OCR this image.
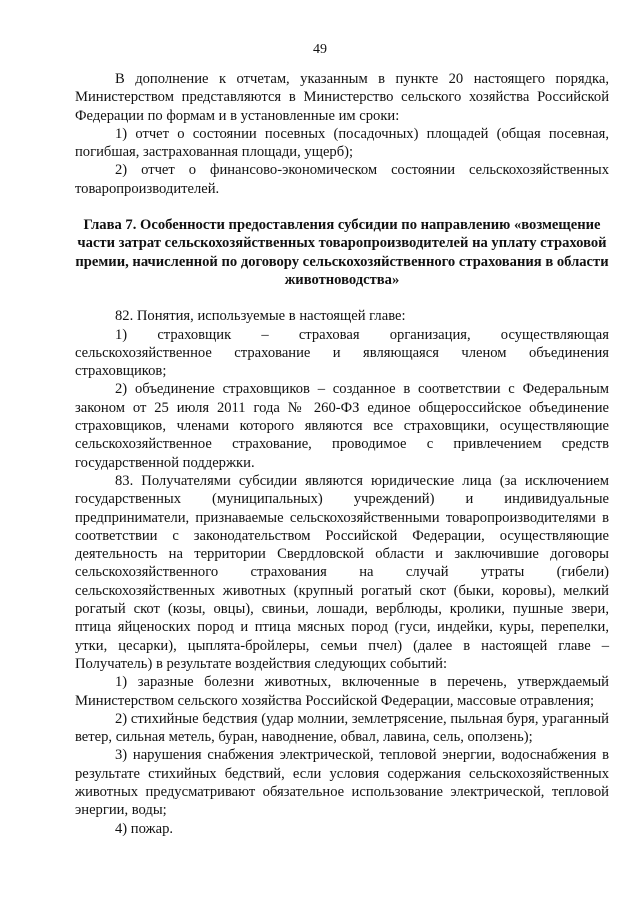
49

В дополнение к отчетам, указанным в пункте 20 настоящего порядка, Министерством представляются в Министерство сельского хозяйства Российской Федерации по формам и в установленные им сроки:

1) отчет о состоянии посевных (посадочных) площадей (общая посевная, погибшая, застрахованная площади, ущерб);

2) отчет о финансово-экономическом состоянии сельскохозяйственных товаропроизводителей.

Глава 7. Особенности предоставления субсидии по направлению «возмещение части затрат сельскохозяйственных товаропроизводителей на уплату страховой премии, начисленной по договору сельскохозяйственного страхования в области животноводства»

82. Понятия, используемые в настоящей главе:

1) страховщик – страховая организация, осуществляющая сельскохозяйственное страхование и являющаяся членом объединения страховщиков;

2) объединение страховщиков – созданное в соответствии с Федеральным законом от 25 июля 2011 года № 260-ФЗ единое общероссийское объединение страховщиков, членами которого являются все страховщики, осуществляющие сельскохозяйственное страхование, проводимое с привлечением средств государственной поддержки.

83. Получателями субсидии являются юридические лица (за исключением государственных (муниципальных) учреждений) и индивидуальные предприниматели, признаваемые сельскохозяйственными товаропроизводителями в соответствии с законодательством Российской Федерации, осуществляющие деятельность на территории Свердловской области и заключившие договоры сельскохозяйственного страхования на случай утраты (гибели) сельскохозяйственных животных (крупный рогатый скот (быки, коровы), мелкий рогатый скот (козы, овцы), свиньи, лошади, верблюды, кролики, пушные звери, птица яйценоских пород и птица мясных пород (гуси, индейки, куры, перепелки, утки, цесарки), цыплята-бройлеры, семьи пчел) (далее в настоящей главе – Получатель) в результате воздействия следующих событий:

1) заразные болезни животных, включенные в перечень, утверждаемый Министерством сельского хозяйства Российской Федерации, массовые отравления;

2) стихийные бедствия (удар молнии, землетрясение, пыльная буря, ураганный ветер, сильная метель, буран, наводнение, обвал, лавина, сель, оползень);

3) нарушения снабжения электрической, тепловой энергии, водоснабжения в результате стихийных бедствий, если условия содержания сельскохозяйственных животных предусматривают обязательное использование электрической, тепловой энергии, воды;

4) пожар.
